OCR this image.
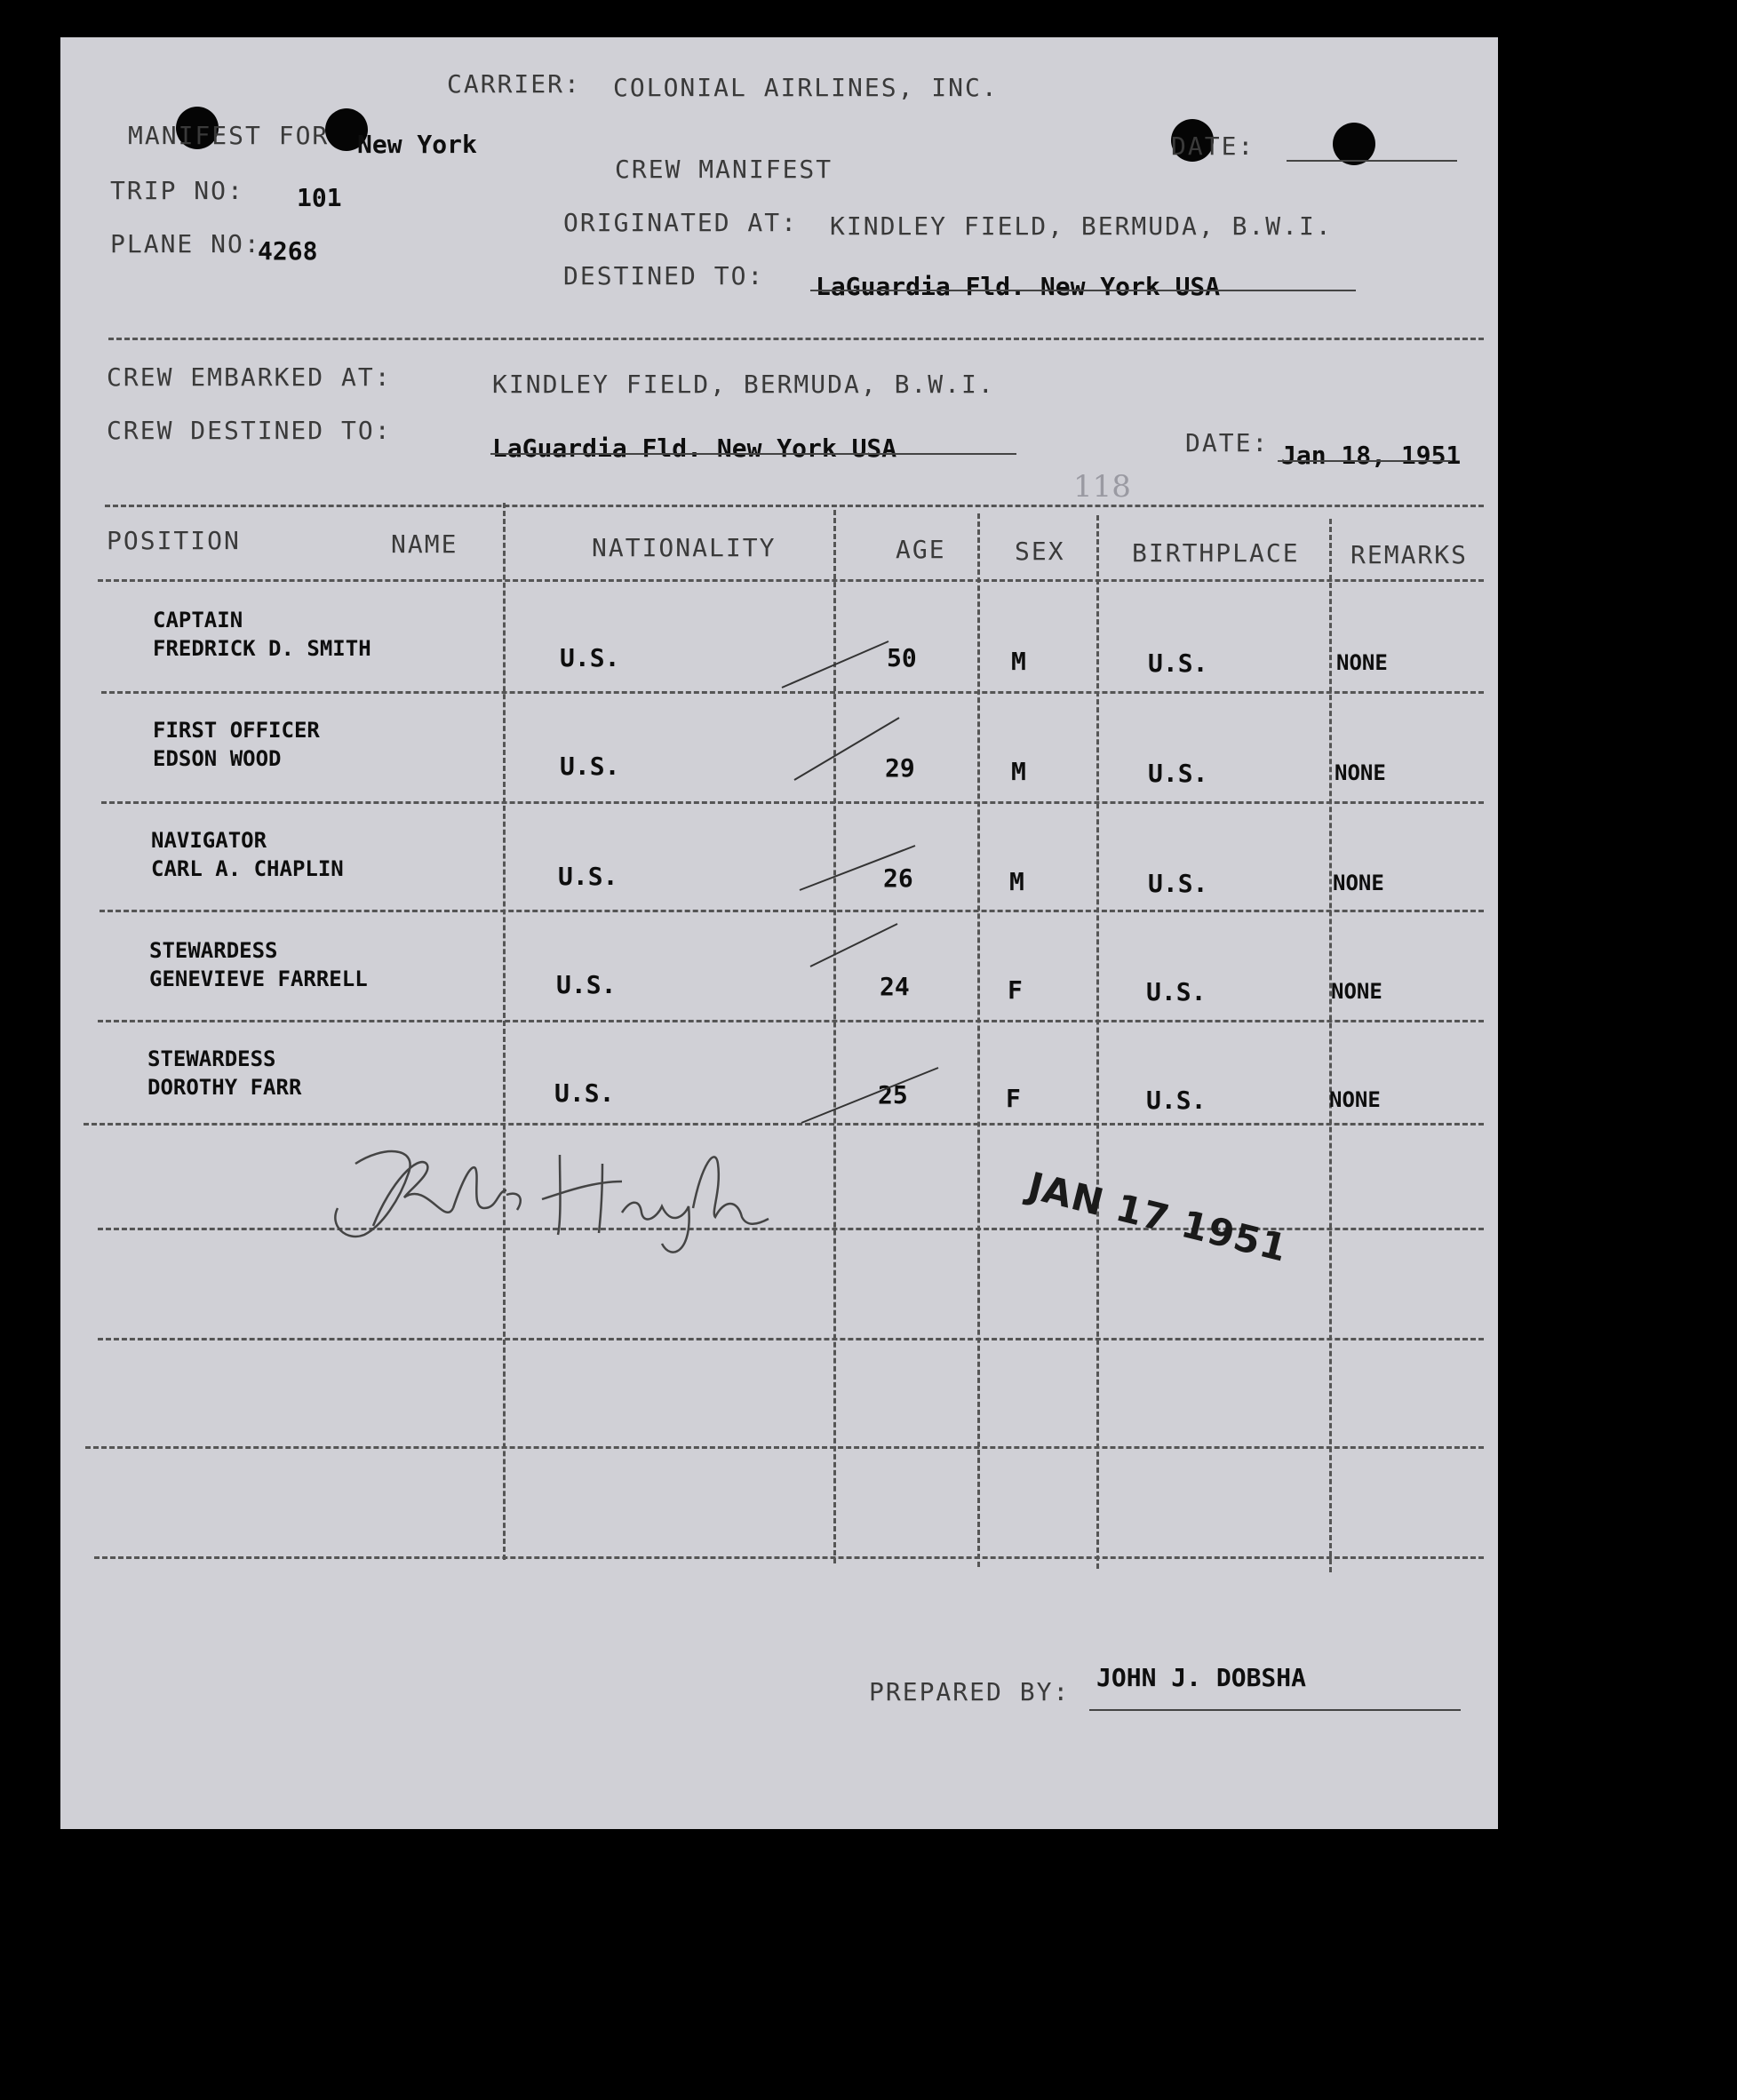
CARRIER: COLONIAL AIRLINES, INC.
MANIFEST FOR New York
CREW MANIFEST
DATE:
TRIP NO: 101
ORIGINATED AT: KINDLEY FIELD, BERMUDA, B.W.I.
PLANE NO:
4268
DESTINED TO: LaGuardia Fld. New York USA
CREW EMBARKED AT:	KINDLEY FIELD, BERMUDA, B.W.I.
CREW DESTINED TO:
LaGuardia Fld. New York USA	DATE: Jan 18, 1951
118
POSITION	NAME	NATIONALITY	AGE	SEX	BIRTHPLACE REMARKS
CAPTAIN
FREDRICK D. SMITH	U.S.	50	M	U.S.	NONE
FIRST OFFICER
EDSON WOOD	U.S.	29	M	U.S.	NONE
NAVIGATOR
CARL A. CHAPLIN	U.S.	26	M	U.S.	NONE
STEWARDESS
GENEVIEVE FARRELL	U.S.	24	F	U.S.	NONE
STEWARDESS
DOROTHY FARR	U.S.	25	F	U.S.	NONE
JAN 17 1951
PREPARED BY: JOHN J. DOBSHA
